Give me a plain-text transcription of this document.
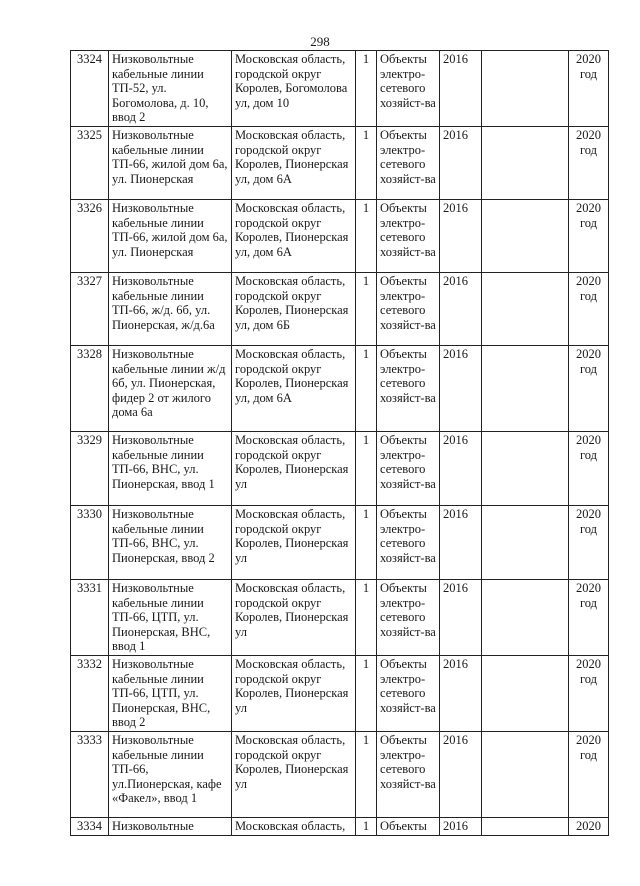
298
3324	Низковольтные кабельные линии ТП-52, ул. Богомолова, д. 10, ввод 2	Московская область, городской округ Королев, Богомолова ул, дом 10	1	Объекты электро-сетевого хозяйст-ва	2016		2020 год
3325	Низковольтные кабельные линии ТП-66, жилой дом 6а, ул. Пионерская	Московская область, городской округ Королев, Пионерская ул, дом 6А	1	Объекты электро-сетевого хозяйст-ва	2016		2020 год
3326	Низковольтные кабельные линии ТП-66, жилой дом 6а, ул. Пионерская	Московская область, городской округ Королев, Пионерская ул, дом 6А	1	Объекты электро-сетевого хозяйст-ва	2016		2020 год
3327	Низковольтные кабельные линии ТП-66, ж/д. 6б, ул. Пионерская, ж/д.6а	Московская область, городской округ Королев, Пионерская ул, дом 6Б	1	Объекты электро-сетевого хозяйст-ва	2016		2020 год
3328	Низковольтные кабельные линии ж/д 6б, ул. Пионерская, фидер 2 от жилого дома 6а	Московская область, городской округ Королев, Пионерская ул, дом 6А	1	Объекты электро-сетевого хозяйст-ва	2016		2020 год
3329	Низковольтные кабельные линии ТП-66, ВНС, ул. Пионерская, ввод 1	Московская область, городской округ Королев, Пионерская ул	1	Объекты электро-сетевого хозяйст-ва	2016		2020 год
3330	Низковольтные кабельные линии ТП-66, ВНС, ул. Пионерская, ввод 2	Московская область, городской округ Королев, Пионерская ул	1	Объекты электро-сетевого хозяйст-ва	2016		2020 год
3331	Низковольтные кабельные линии ТП-66, ЦТП, ул. Пионерская, ВНС, ввод 1	Московская область, городской округ Королев, Пионерская ул	1	Объекты электро-сетевого хозяйст-ва	2016		2020 год
3332	Низковольтные кабельные линии ТП-66, ЦТП, ул. Пионерская, ВНС, ввод 2	Московская область, городской округ Королев, Пионерская ул	1	Объекты электро-сетевого хозяйст-ва	2016		2020 год
3333	Низковольтные кабельные линии ТП-66, ул.Пионерская, кафе «Факел», ввод 1	Московская область, городской округ Королев, Пионерская ул	1	Объекты электро-сетевого хозяйст-ва	2016		2020 год
3334	Низковольтные	Московская область,	1	Объекты	2016		2020
